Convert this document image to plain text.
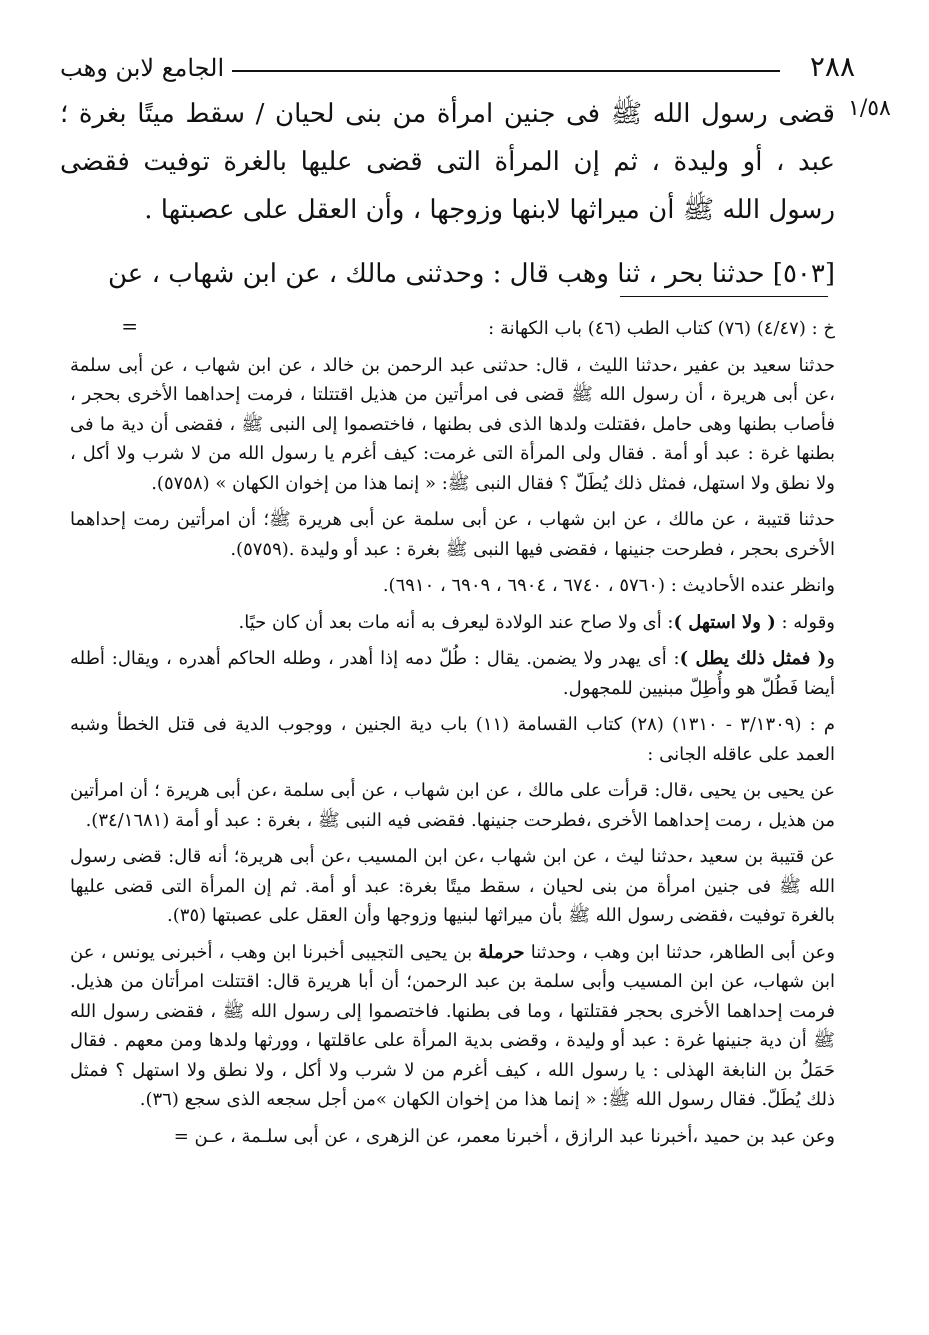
٢٨٨
الجامع لابن وهب
١/٥٨

قضى رسول الله ﷺ فى جنين امرأة من بنى لحيان / سقط ميتًا بغرة ؛ عبد ، أو وليدة ، ثم إن المرأة التى قضى عليها بالغرة توفيت فقضى رسول الله ﷺ أن ميراثها لابنها وزوجها ، وأن العقل على عصبتها .

[٥٠٣] حدثنا بحر ، ثنا وهب قال : وحدثنى مالك ، عن ابن شهاب ، عن

=	خ : (٤/٤٧) (٧٦) كتاب الطب (٤٦) باب الكهانة :

حدثنا سعيد بن عفير ،حدثنا الليث ، قال: حدثنى عبد الرحمن بن خالد ، عن ابن شهاب ، عن أبى سلمة ،عن أبى هريرة ، أن رسول الله ﷺ قضى فى امرأتين من هذيل اقتتلتا ، فرمت إحداهما الأخرى بحجر ، فأصاب بطنها وهى حامل ،فقتلت ولدها الذى فى بطنها ، فاختصموا إلى النبى ﷺ ، فقضى أن دية ما فى بطنها غرة : عبد أو أمة . فقال ولى المرأة التى غرمت: كيف أغرم يا رسول الله من لا شرب ولا أكل ، ولا نطق ولا استهل، فمثل ذلك يُطَلّ ؟ فقال النبى ﷺ: « إنما هذا من إخوان الكهان » (٥٧٥٨).

حدثنا قتيبة ، عن مالك ، عن ابن شهاب ، عن أبى سلمة عن أبى هريرة ﷺ؛ أن امرأتين رمت إحداهما الأخرى بحجر ، فطرحت جنينها ، فقضى فيها النبى ﷺ بغرة : عبد أو وليدة .(٥٧٥٩).

وانظر عنده الأحاديث : (٥٧٦٠ ، ٦٧٤٠ ، ٦٩٠٤ ، ٦٩٠٩ ، ٦٩١٠).

وقوله : ( ولا استهل ): أى ولا صاح عند الولادة ليعرف به أنه مات بعد أن كان حيًا.

و( فمثل ذلك يطل ): أى يهدر ولا يضمن. يقال : طُلّ دمه إذا أهدر ، وطله الحاكم أهدره ، ويقال: أطله أيضا فَطُلّ هو وأُطِلّ مبنيين للمجهول.

م : (٣/١٣٠٩ - ١٣١٠) (٢٨) كتاب القسامة (١١) باب دية الجنين ، ووجوب الدية فى قتل الخطأ وشبه العمد على عاقله الجانى :

عن يحيى بن يحيى ،قال: قرأت على مالك ، عن ابن شهاب ، عن أبى سلمة ،عن أبى هريرة ؛ أن امرأتين من هذيل ، رمت إحداهما الأخرى ،فطرحت جنينها. فقضى فيه النبى ﷺ ، بغرة : عبد أو أمة (٣٤/١٦٨١).

عن قتيبة بن سعيد ،حدثنا ليث ، عن ابن شهاب ،عن ابن المسيب ،عن أبى هريرة؛ أنه قال: قضى رسول الله ﷺ فى جنين امرأة من بنى لحيان ، سقط ميتًا بغرة: عبد أو أمة. ثم إن المرأة التى قضى عليها بالغرة توفيت ،فقضى رسول الله ﷺ بأن ميراثها لبنيها وزوجها وأن العقل على عصبتها (٣٥).

وعن أبى الطاهر، حدثنا ابن وهب ، وحدثنا حرملة بن يحيى التجيبى أخبرنا ابن وهب ، أخبرنى يونس ، عن ابن شهاب، عن ابن المسيب وأبى سلمة بن عبد الرحمن؛ أن أبا هريرة قال: اقتتلت امرأتان من هذيل. فرمت إحداهما الأخرى بحجر فقتلتها ، وما فى بطنها. فاختصموا إلى رسول الله ﷺ ، فقضى رسول الله ﷺ أن دية جنينها غرة : عبد أو وليدة ، وقضى بدية المرأة على عاقلتها ، وورثها ولدها ومن معهم . فقال حَمَلُ بن النابغة الهذلى : يا رسول الله ، كيف أغرم من لا شرب ولا أكل ، ولا نطق ولا استهل ؟ فمثل ذلك يُطَلّ. فقال رسول الله ﷺ: « إنما هذا من إخوان الكهان »من أجل سجعه الذى سجع (٣٦).

وعن عبد بن حميد ،أخبرنا عبد الرازق ، أخبرنا معمر، عن الزهرى ، عن أبى سلـمة ، عـن =
